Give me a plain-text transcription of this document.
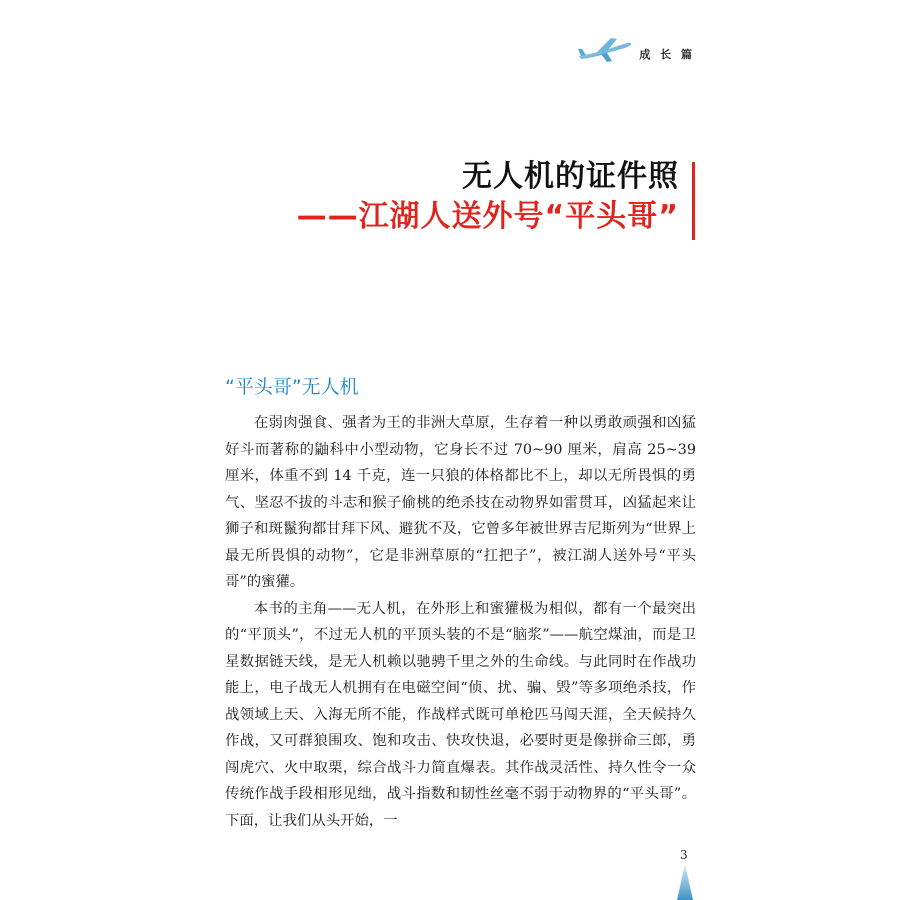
成 长 篇
无人机的证件照
——江湖人送外号“平头哥”
“平头哥”无人机

在弱肉强食、强者为王的非洲大草原，生存着一种以勇敢顽强和凶猛好斗而著称的鼬科中小型动物，它身长不过 70~90 厘米，肩高 25~39 厘米，体重不到 14 千克，连一只狼的体格都比不上，却以无所畏惧的勇气、坚忍不拔的斗志和猴子偷桃的绝杀技在动物界如雷贯耳，凶猛起来让狮子和斑鬣狗都甘拜下风、避犹不及，它曾多年被世界吉尼斯列为“世界上最无所畏惧的动物”，它是非洲草原的“扛把子”，被江湖人送外号“平头哥”的蜜獾。

本书的主角——无人机，在外形上和蜜獾极为相似，都有一个最突出的“平顶头”，不过无人机的平顶头装的不是“脑浆”——航空煤油，而是卫星数据链天线，是无人机赖以驰骋千里之外的生命线。与此同时在作战功能上，电子战无人机拥有在电磁空间“侦、扰、骗、毁”等多项绝杀技，作战领域上天、入海无所不能，作战样式既可单枪匹马闯天涯，全天候持久作战，又可群狼围攻、饱和攻击、快攻快退，必要时更是像拼命三郎，勇闯虎穴、火中取栗，综合战斗力简直爆表。其作战灵活性、持久性令一众传统作战手段相形见绌，战斗指数和韧性丝毫不弱于动物界的“平头哥”。下面，让我们从头开始，一

3
